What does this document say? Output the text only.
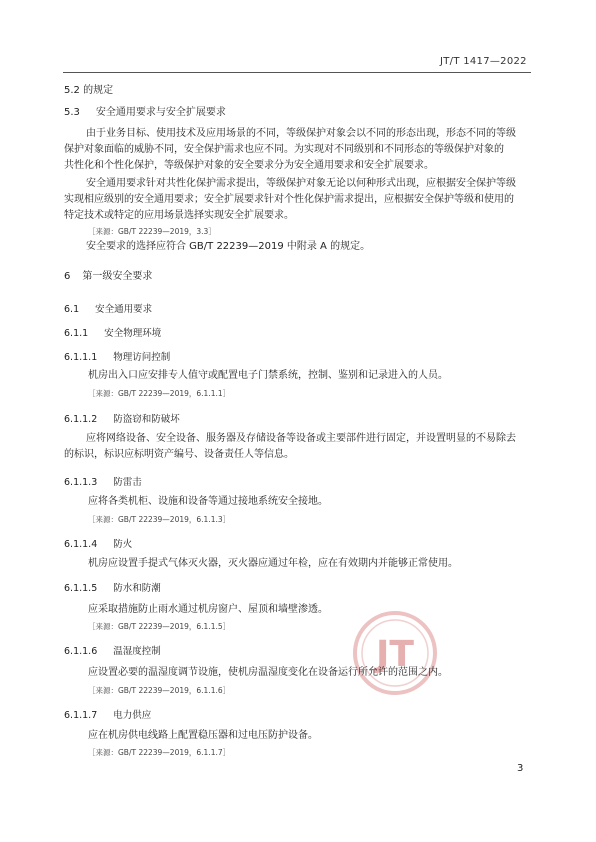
JT/T 1417—2022
JT
5.2 的规定
5.3 安全通用要求与安全扩展要求
由于业务目标、使用技术及应用场景的不同，等级保护对象会以不同的形态出现，形态不同的等级
保护对象面临的威胁不同，安全保护需求也应不同。为实现对不同级别和不同形态的等级保护对象的
共性化和个性化保护，等级保护对象的安全要求分为安全通用要求和安全扩展要求。
安全通用要求针对共性化保护需求提出，等级保护对象无论以何种形式出现，应根据安全保护等级
实现相应级别的安全通用要求；安全扩展要求针对个性化保护需求提出，应根据安全保护等级和使用的
特定技术或特定的应用场景选择实现安全扩展要求。
［来源：GB/T 22239—2019，3.3］
安全要求的选择应符合 GB/T 22239—2019 中附录 A 的规定。
6 第一级安全要求
6.1 安全通用要求
6.1.1 安全物理环境
6.1.1.1 物理访问控制
机房出入口应安排专人值守或配置电子门禁系统，控制、鉴别和记录进入的人员。
［来源：GB/T 22239—2019，6.1.1.1］
6.1.1.2 防盗窃和防破坏
应将网络设备、安全设备、服务器及存储设备等设备或主要部件进行固定，并设置明显的不易除去
的标识，标识应标明资产编号、设备责任人等信息。
6.1.1.3 防雷击
应将各类机柜、设施和设备等通过接地系统安全接地。
［来源：GB/T 22239—2019，6.1.1.3］
6.1.1.4 防火
机房应设置手提式气体灭火器，灭火器应通过年检，应在有效期内并能够正常使用。
6.1.1.5 防水和防潮
应采取措施防止雨水通过机房窗户、屋顶和墙壁渗透。
［来源：GB/T 22239—2019，6.1.1.5］
6.1.1.6 温湿度控制
应设置必要的温湿度调节设施，使机房温湿度变化在设备运行所允许的范围之内。
［来源：GB/T 22239—2019，6.1.1.6］
6.1.1.7 电力供应
应在机房供电线路上配置稳压器和过电压防护设备。
［来源：GB/T 22239—2019，6.1.1.7］
3
